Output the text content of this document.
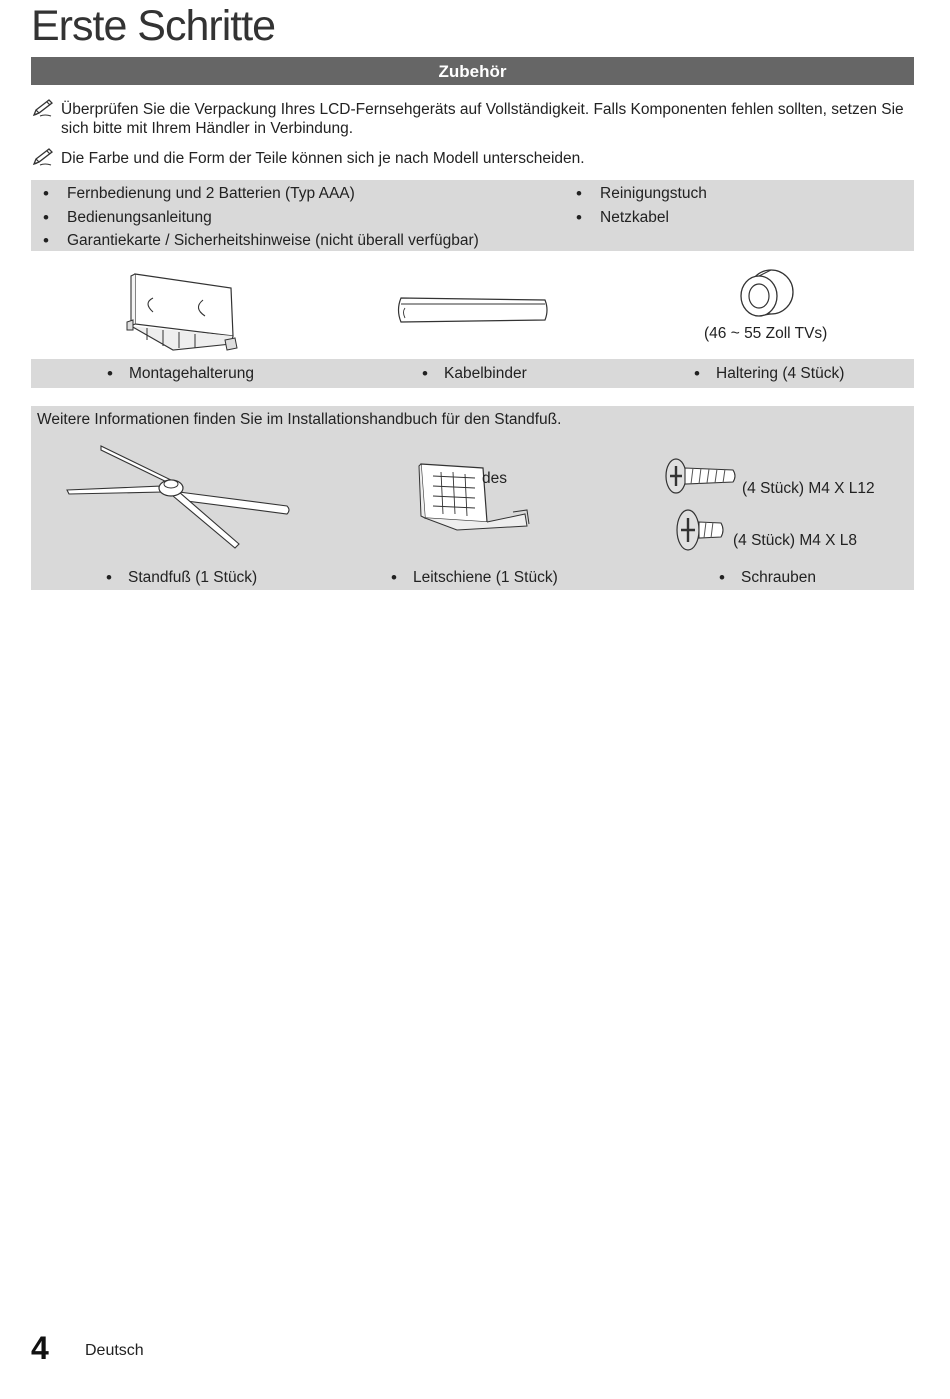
Erste Schritte
Zubehör
Überprüfen Sie die Verpackung Ihres LCD-Fernsehgeräts auf Vollständigkeit. Falls Komponenten fehlen sollten, setzen Sie sich bitte mit Ihrem Händler in Verbindung.
Die Farbe und die Form der Teile können sich je nach Modell unterscheiden.
• Fernbedienung und 2 Batterien (Typ AAA)
• Bedienungsanleitung
• Garantiekarte / Sicherheitshinweise (nicht überall verfügbar)
• Reinigungstuch
• Netzkabel
(46 ~ 55 Zoll TVs)
• Montagehalterung	• Kabelbinder	• Haltering (4 Stück)
Weitere Informationen finden Sie im Installationshandbuch für den Standfuß.
des
(4 Stück) M4 X L12
(4 Stück) M4 X L8
• Standfuß (1 Stück)	• Leitschiene (1 Stück)	• Schrauben
4 Deutsch
